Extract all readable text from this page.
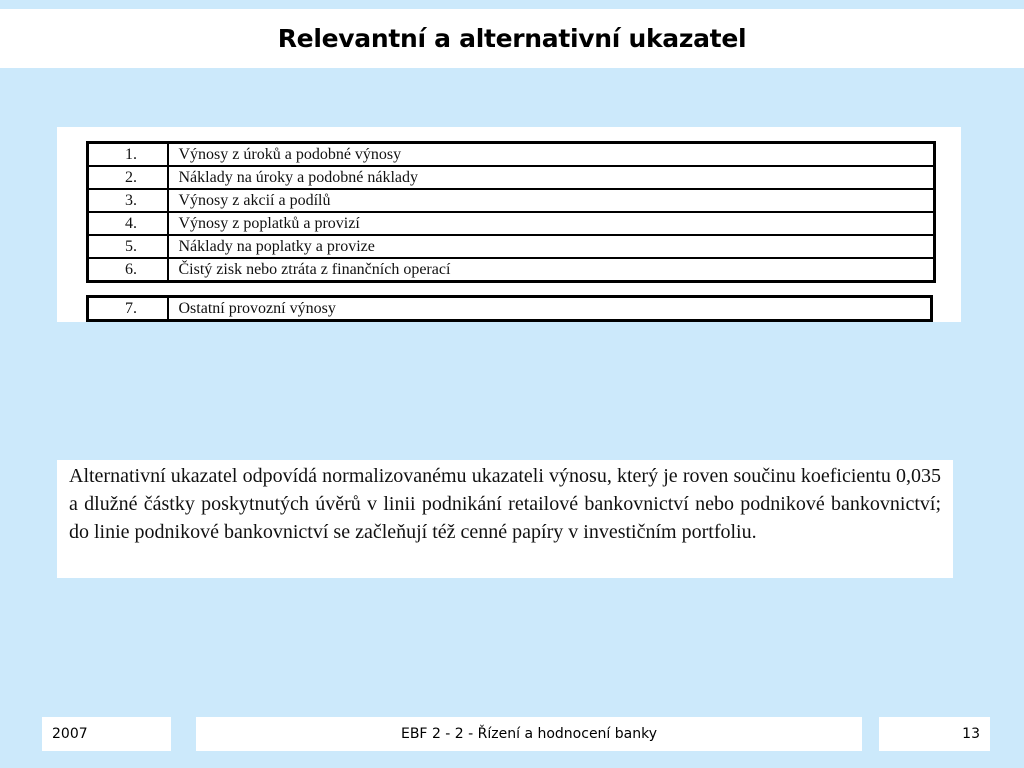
Relevantní a alternativní ukazatel
1.	Výnosy z úroků a podobné výnosy
2.	Náklady na úroky a podobné náklady
3.	Výnosy z akcií a podílů
4.	Výnosy z poplatků a provizí
5.	Náklady na poplatky a provize
6.	Čistý zisk nebo ztráta z finančních operací
7.	Ostatní provozní výnosy

Alternativní ukazatel odpovídá normalizovanému ukazateli výnosu, který je roven součinu koeficientu 0,035 a dlužné částky poskytnutých úvěrů v linii podnikání retailové bankovnictví nebo podnikové bankovnictví; do linie podnikové bankovnictví se začleňují též cenné papíry v investičním portfoliu.

2007	EBF 2 - 2 - Řízení a hodnocení banky	13
